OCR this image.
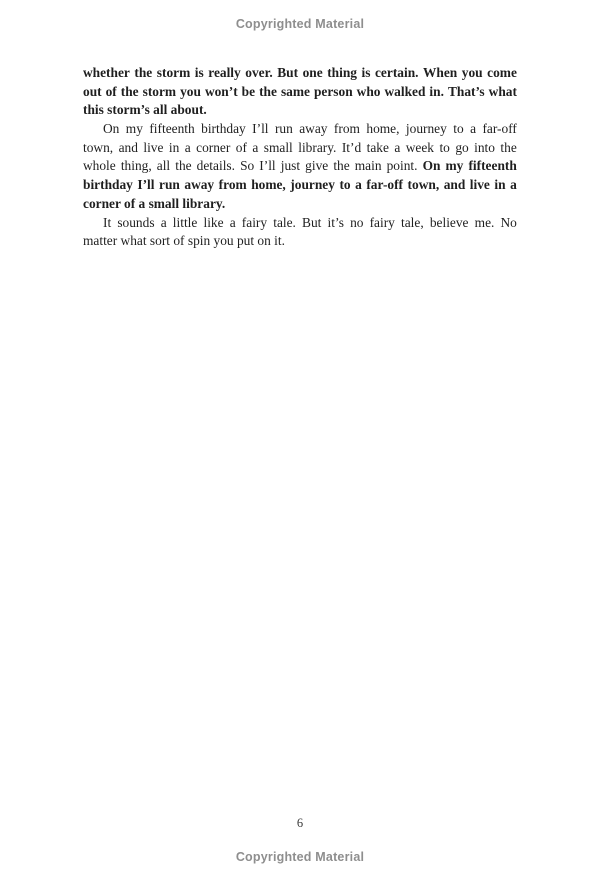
Copyrighted Material
whether the storm is really over. But one thing is certain. When you come
out of the storm you won’t be the same person who walked in. That’s what
this storm’s all about.
On my fifteenth birthday I’ll run away from home, journey to a far-off
town, and live in a corner of a small library. It’d take a week to go into the
whole thing, all the details. So I’ll just give the main point. On my fifteenth
birthday I’ll run away from home, journey to a far-off town, and live in a
corner of a small library.
It sounds a little like a fairy tale. But it’s no fairy tale, believe me. No
matter what sort of spin you put on it.
6
Copyrighted Material
